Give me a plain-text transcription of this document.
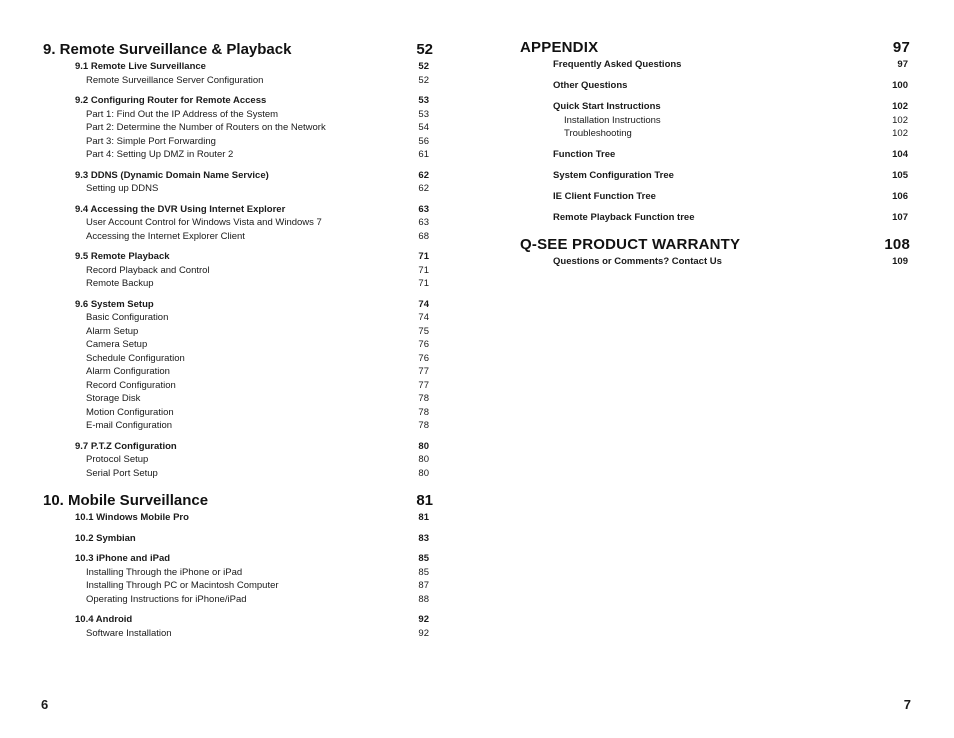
9. Remote Surveillance & Playback	52
9.1 Remote Live Surveillance	52
Remote Surveillance Server Configuration	52
9.2 Configuring Router for Remote Access	53
Part 1: Find Out the IP Address of the System	53
Part 2: Determine the Number of Routers on the Network	54
Part 3: Simple Port Forwarding	56
Part 4: Setting Up DMZ in Router 2	61
9.3 DDNS (Dynamic Domain Name Service)	62
Setting up DDNS	62
9.4 Accessing the DVR Using Internet Explorer	63
User Account Control for Windows Vista and Windows 7	63
Accessing the Internet Explorer Client	68
9.5 Remote Playback	71
Record Playback and Control	71
Remote Backup	71
9.6 System Setup	74
Basic Configuration	74
Alarm Setup	75
Camera Setup	76
Schedule Configuration	76
Alarm Configuration	77
Record Configuration	77
Storage Disk	78
Motion Configuration	78
E-mail Configuration	78
9.7 P.T.Z Configuration	80
Protocol Setup	80
Serial Port Setup	80
10. Mobile Surveillance	81
10.1 Windows Mobile Pro	81
10.2 Symbian	83
10.3 iPhone and iPad	85
Installing Through the iPhone or iPad	85
Installing Through PC or Macintosh Computer	87
Operating Instructions for iPhone/iPad	88
10.4 Android	92
Software Installation	92
6
APPENDIX	97
Frequently Asked Questions	97
Other Questions	100
Quick Start Instructions	102
Installation Instructions	102
Troubleshooting	102
Function Tree	104
System Configuration Tree	105
IE Client Function Tree	106
Remote Playback Function tree	107
Q-SEE PRODUCT WARRANTY	108
Questions or Comments? Contact Us	109
7
